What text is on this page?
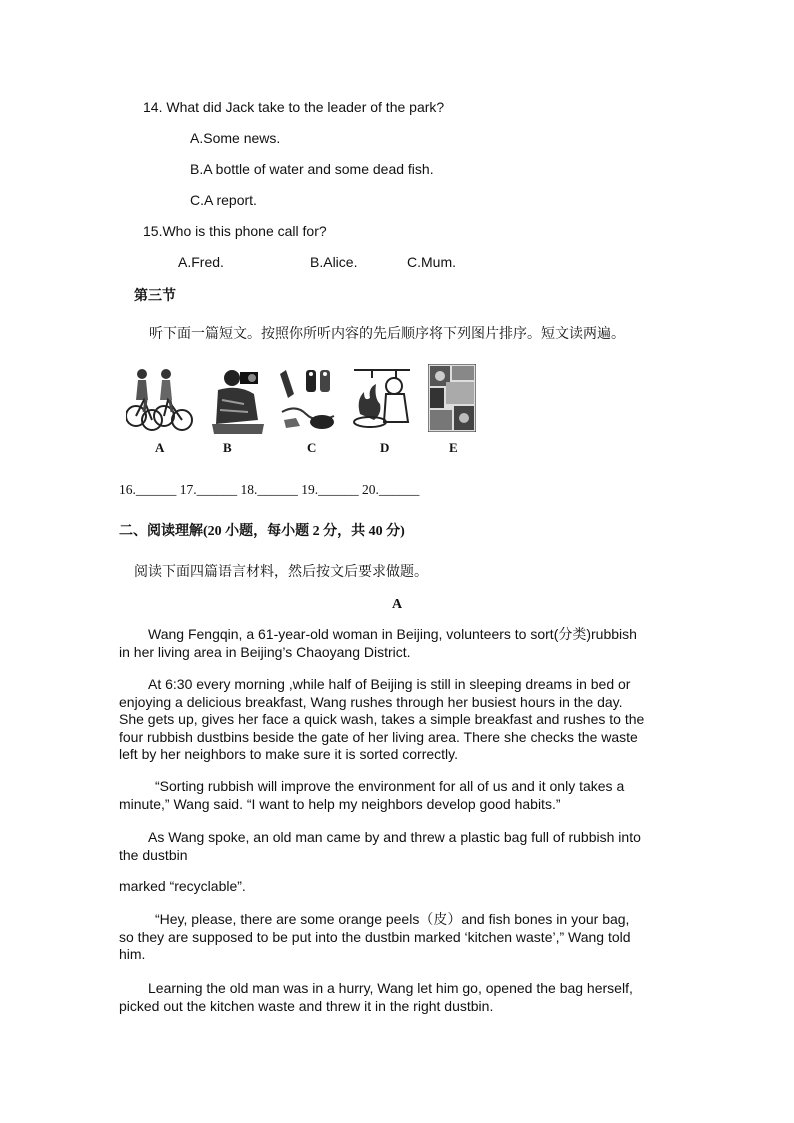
14. What did Jack take to the leader of the park?
A.Some news.
B.A bottle of water and some dead fish.
C.A report.
15.Who is this phone call for?
A.Fred.	B.Alice.	C.Mum.
第三节
听下面一篇短文。按照你所听内容的先后顺序将下列图片排序。短文读两遍。
A	B	C	D	E
16.______ 17.______ 18.______ 19.______ 20.______
二、阅读理解(20 小题，每小题 2 分，共 40 分)
阅读下面四篇语言材料，然后按文后要求做题。
A
Wang Fengqin, a 61-year-old woman in Beijing, volunteers to sort(分类)rubbish
in her living area in Beijing’s Chaoyang District.
At 6:30 every morning ,while half of Beijing is still in sleeping dreams in bed or
enjoying a delicious breakfast, Wang rushes through her busiest hours in the day.
She gets up, gives her face a quick wash, takes a simple breakfast and rushes to the
four rubbish dustbins beside the gate of her living area. There she checks the waste
left by her neighbors to make sure it is sorted correctly.
“Sorting rubbish will improve the environment for all of us and it only takes a
minute,” Wang said. “I want to help my neighbors develop good habits.”
As Wang spoke, an old man came by and threw a plastic bag full of rubbish into
the dustbin
marked “recyclable”.
“Hey, please, there are some orange peels（皮）and fish bones in your bag,
so they are supposed to be put into the dustbin marked ‘kitchen waste’,” Wang told
him.
Learning the old man was in a hurry, Wang let him go, opened the bag herself,
picked out the kitchen waste and threw it in the right dustbin.
